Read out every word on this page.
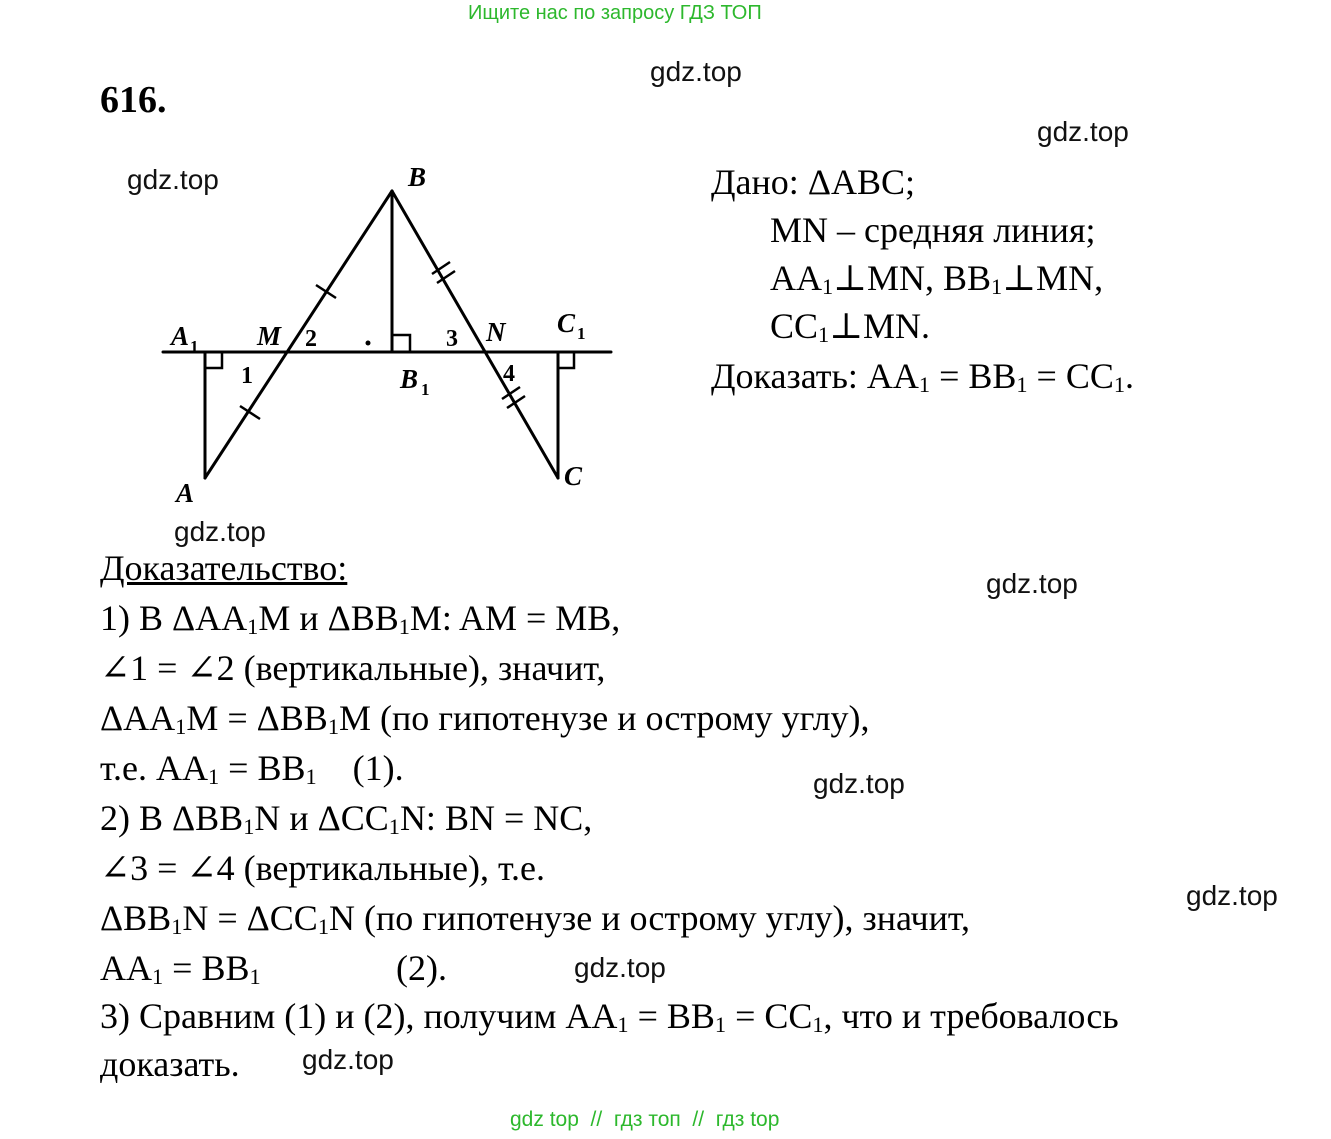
Ищите нас по запросу ГДЗ ТОП
gdz.top
gdz.top
gdz.top
gdz.top
gdz.top
gdz.top
gdz.top
gdz.top
gdz.top
616.
B
A
C
M	N
A 1
B 1
C 1
1
2	3
4
Дано: ΔABC;
MN – средняя линия;
$AA_1\perp MN$, $BB_1\perp MN$,
$CC_1\perp MN$.
Доказать: $AA_1 = BB_1 = CC_1$.
Доказательство:
1) В $\Delta AA_1M$ и $\Delta BB_1M$: AM = MB,
∠1 = ∠2 (вертикальные), значит,
$\Delta AA_1M = \Delta BB_1M$ (по гипотенузе и острому углу),
т.е. $AA_1 = BB_1$    (1).
2) В $\Delta BB_1N$ и $\Delta CC_1N$: BN = NC,
∠3 = ∠4 (вертикальные), т.е.
$\Delta BB_1N = \Delta CC_1N$ (по гипотенузе и острому углу), значит,
$AA_1 = BB_1$	(2).
3) Сравним (1) и (2), получим $AA_1 = BB_1 = CC_1$, что и требовалось
доказать.
gdz top  //  гдз топ  //  гдз top
